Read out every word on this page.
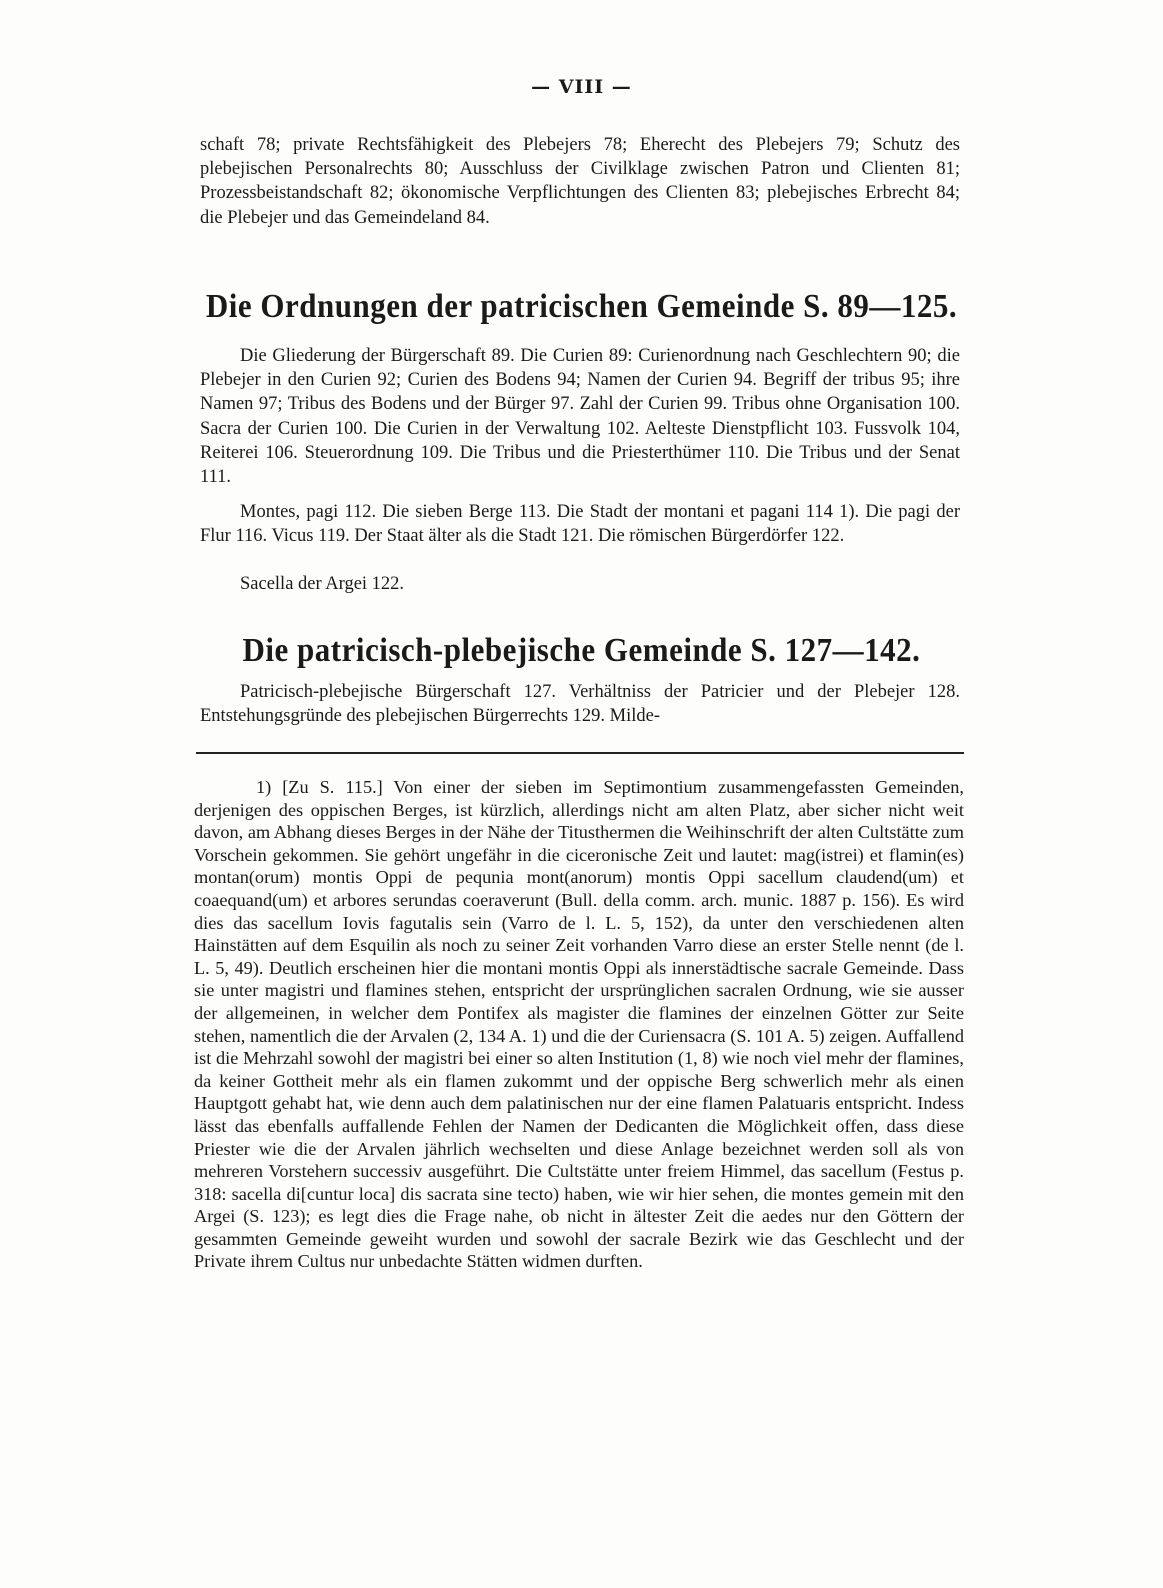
— VIII —

schaft 78; private Rechtsfähigkeit des Plebejers 78; Eherecht des Plebejers 79; Schutz des plebejischen Personalrechts 80; Ausschluss der Civilklage zwischen Patron und Clienten 81; Prozessbeistandschaft 82; ökonomische Verpflichtungen des Clienten 83; plebejisches Erbrecht 84; die Plebejer und das Gemeindeland 84.

Die Ordnungen der patricischen Gemeinde S. 89—125.

Die Gliederung der Bürgerschaft 89. Die Curien 89: Curienordnung nach Geschlechtern 90; die Plebejer in den Curien 92; Curien des Bodens 94; Namen der Curien 94. Begriff der tribus 95; ihre Namen 97; Tribus des Bodens und der Bürger 97. Zahl der Curien 99. Tribus ohne Organisation 100. Sacra der Curien 100. Die Curien in der Verwaltung 102. Aelteste Dienstpflicht 103. Fussvolk 104, Reiterei 106. Steuerordnung 109. Die Tribus und die Priesterthümer 110. Die Tribus und der Senat 111.

Montes, pagi 112. Die sieben Berge 113. Die Stadt der montani et pagani 114 1). Die pagi der Flur 116. Vicus 119. Der Staat älter als die Stadt 121. Die römischen Bürgerdörfer 122.

Sacella der Argei 122.

Die patricisch-plebejische Gemeinde S. 127—142.

Patricisch-plebejische Bürgerschaft 127. Verhältniss der Patricier und der Plebejer 128. Entstehungsgründe des plebejischen Bürgerrechts 129. Milde-

1) [Zu S. 115.] Von einer der sieben im Septimontium zusammengefassten Gemeinden, derjenigen des oppischen Berges, ist kürzlich, allerdings nicht am alten Platz, aber sicher nicht weit davon, am Abhang dieses Berges in der Nähe der Titusthermen die Weihinschrift der alten Cultstätte zum Vorschein gekommen. Sie gehört ungefähr in die ciceronische Zeit und lautet: mag(istrei) et flamin(es) montan(orum) montis Oppi de pequnia mont(anorum) montis Oppi sacellum claudend(um) et coaequand(um) et arbores serundas coeraverunt (Bull. della comm. arch. munic. 1887 p. 156). Es wird dies das sacellum Iovis fagutalis sein (Varro de l. L. 5, 152), da unter den verschiedenen alten Hainstätten auf dem Esquilin als noch zu seiner Zeit vorhanden Varro diese an erster Stelle nennt (de l. L. 5, 49). Deutlich erscheinen hier die montani montis Oppi als innerstädtische sacrale Gemeinde. Dass sie unter magistri und flamines stehen, entspricht der ursprünglichen sacralen Ordnung, wie sie ausser der allgemeinen, in welcher dem Pontifex als magister die flamines der einzelnen Götter zur Seite stehen, namentlich die der Arvalen (2, 134 A. 1) und die der Curiensacra (S. 101 A. 5) zeigen. Auffallend ist die Mehrzahl sowohl der magistri bei einer so alten Institution (1, 8) wie noch viel mehr der flamines, da keiner Gottheit mehr als ein flamen zukommt und der oppische Berg schwerlich mehr als einen Hauptgott gehabt hat, wie denn auch dem palatinischen nur der eine flamen Palatuaris entspricht. Indess lässt das ebenfalls auffallende Fehlen der Namen der Dedicanten die Möglichkeit offen, dass diese Priester wie die der Arvalen jährlich wechselten und diese Anlage bezeichnet werden soll als von mehreren Vorstehern successiv ausgeführt. Die Cultstätte unter freiem Himmel, das sacellum (Festus p. 318: sacella di[cuntur loca] dis sacrata sine tecto) haben, wie wir hier sehen, die montes gemein mit den Argei (S. 123); es legt dies die Frage nahe, ob nicht in ältester Zeit die aedes nur den Göttern der gesammten Gemeinde geweiht wurden und sowohl der sacrale Bezirk wie das Geschlecht und der Private ihrem Cultus nur unbedachte Stätten widmen durften.
